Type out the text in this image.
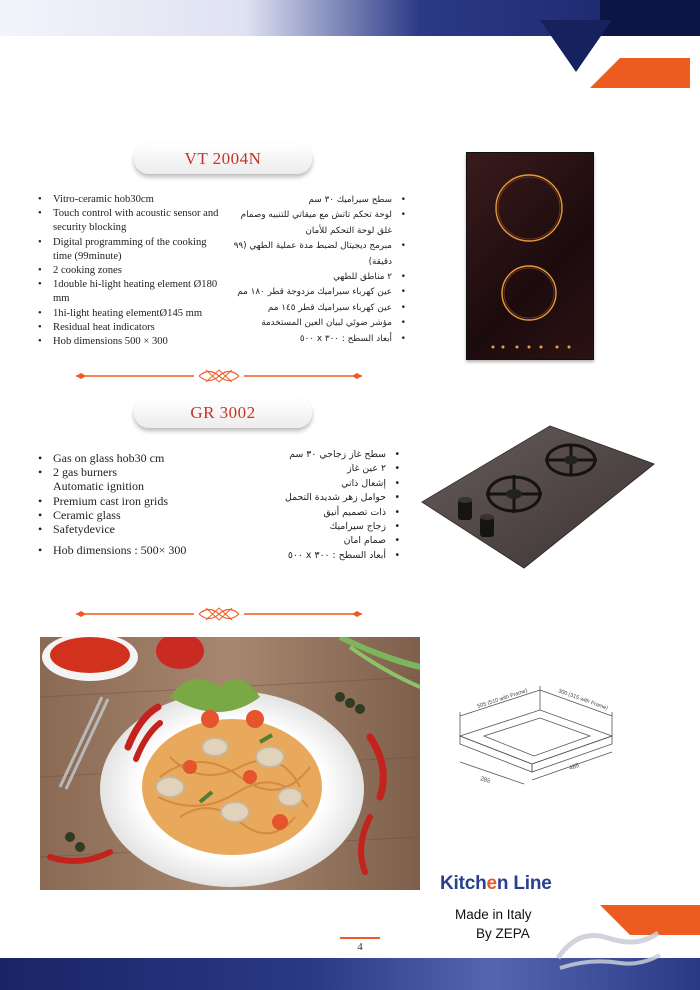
VT 2004N
• Vitro-ceramic hob30cm
• Touch control with acoustic sensor and security blocking
• Digital programming of the cooking time (99minute)
• 2 cooking zones
• 1double hi-light heating element Ø180 mm
• 1hi-light heating elementØ145 mm
• Residual heat indicators
• Hob dimensions 500 × 300
•
سطح سيراميك ٣٠ سم
•
لوحة تحكم تاتش مع ميقاتي للتنبيه وصمام غلق لوحة التحكم للأمان
•
مبرمج ديجيتال لضبط مدة عملية الطهي (٩٩ دقيقة)
•
٢ مناطق للطهي
•
عين كهرباء سيراميك مزدوجة قطر ١٨٠ مم
•
عين كهرباء سيراميك قطر ١٤٥ مم
•
مؤشر ضوئي لبيان العين المستخدمة
•
أبعاد السطح : ٣٠٠ x ٥٠٠
GR 3002
• Gas on glass hob30 cm
• 2 gas burners
Automatic ignition
• Premium cast iron grids
• Ceramic glass
• Safetydevice
• Hob dimensions : 500× 300
•
سطح غاز زجاجي ٣٠ سم
•
٢ عين غاز
•
إشعال ذاتي
•
حوامل زهر شديدة التحمل
•
ذات تصميم أنيق
•
زجاج سيراميك
•
صمام امان
•
أبعاد السطح : ٣٠٠ x ٥٠٠
505 (510 with Frame)	300 (315 with Frame)
285
485
Kitchen Line
Made in Italy
By ZEPA
4
